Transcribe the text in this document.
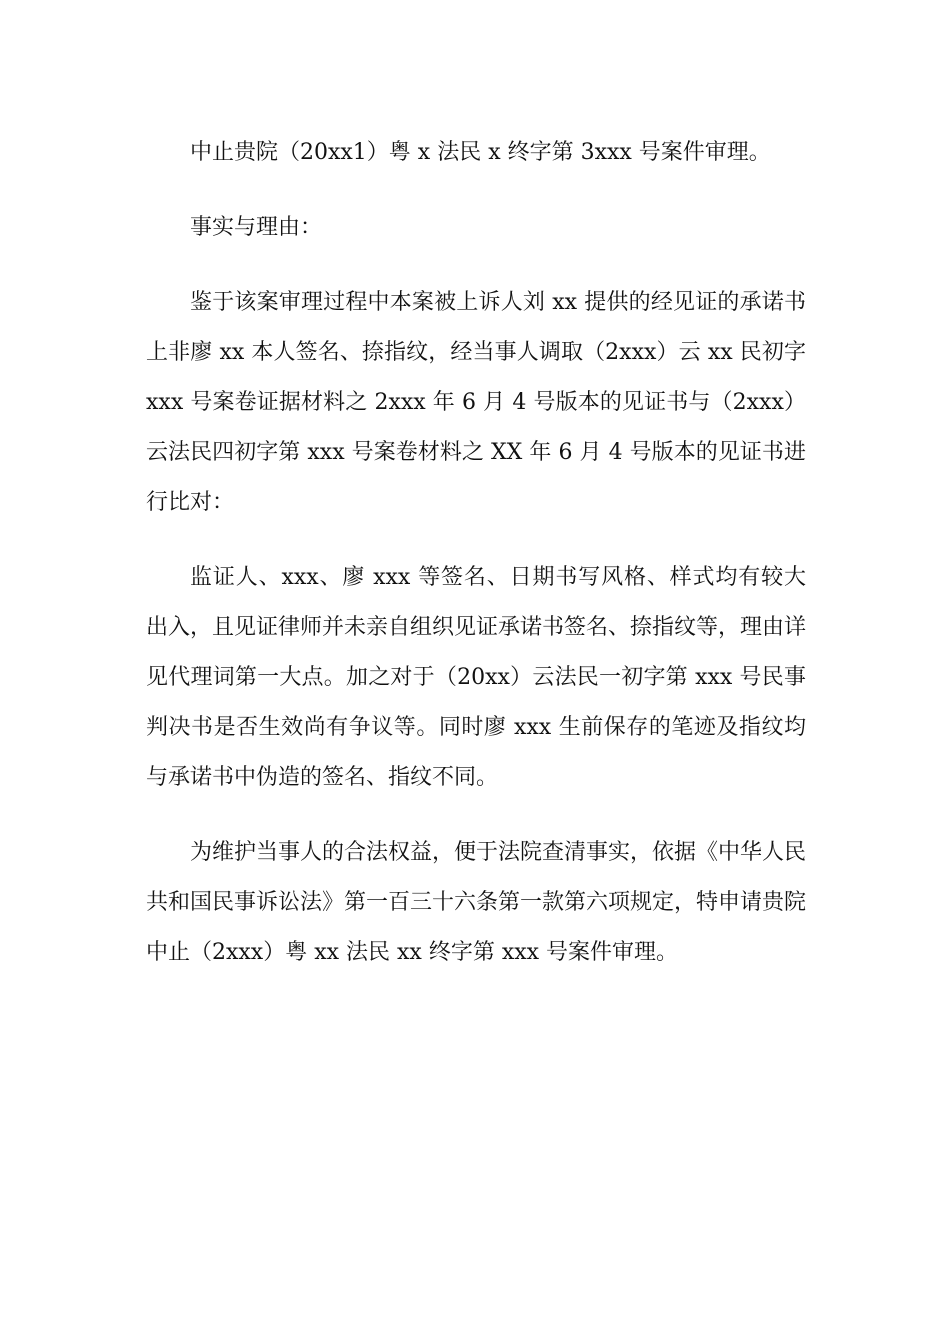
中止贵院（20xx1）粤 x 法民 x 终字第 3xxx 号案件审理。

事实与理由：

鉴于该案审理过程中本案被上诉人刘 xx 提供的经见证的承诺书上非廖 xx 本人签名、捺指纹，经当事人调取（2xxx）云 xx 民初字 xxx 号案卷证据材料之 2xxx 年 6 月 4 号版本的见证书与（2xxx）云法民四初字第 xxx 号案卷材料之 XX 年 6 月 4 号版本的见证书进行比对：

监证人、xxx、廖 xxx 等签名、日期书写风格、样式均有较大出入，且见证律师并未亲自组织见证承诺书签名、捺指纹等，理由详见代理词第一大点。加之对于（20xx）云法民一初字第 xxx 号民事判决书是否生效尚有争议等。同时廖 xxx 生前保存的笔迹及指纹均与承诺书中伪造的签名、指纹不同。

为维护当事人的合法权益，便于法院查清事实，依据《中华人民共和国民事诉讼法》第一百三十六条第一款第六项规定，特申请贵院中止（2xxx）粤 xx 法民 xx 终字第 xxx 号案件审理。
